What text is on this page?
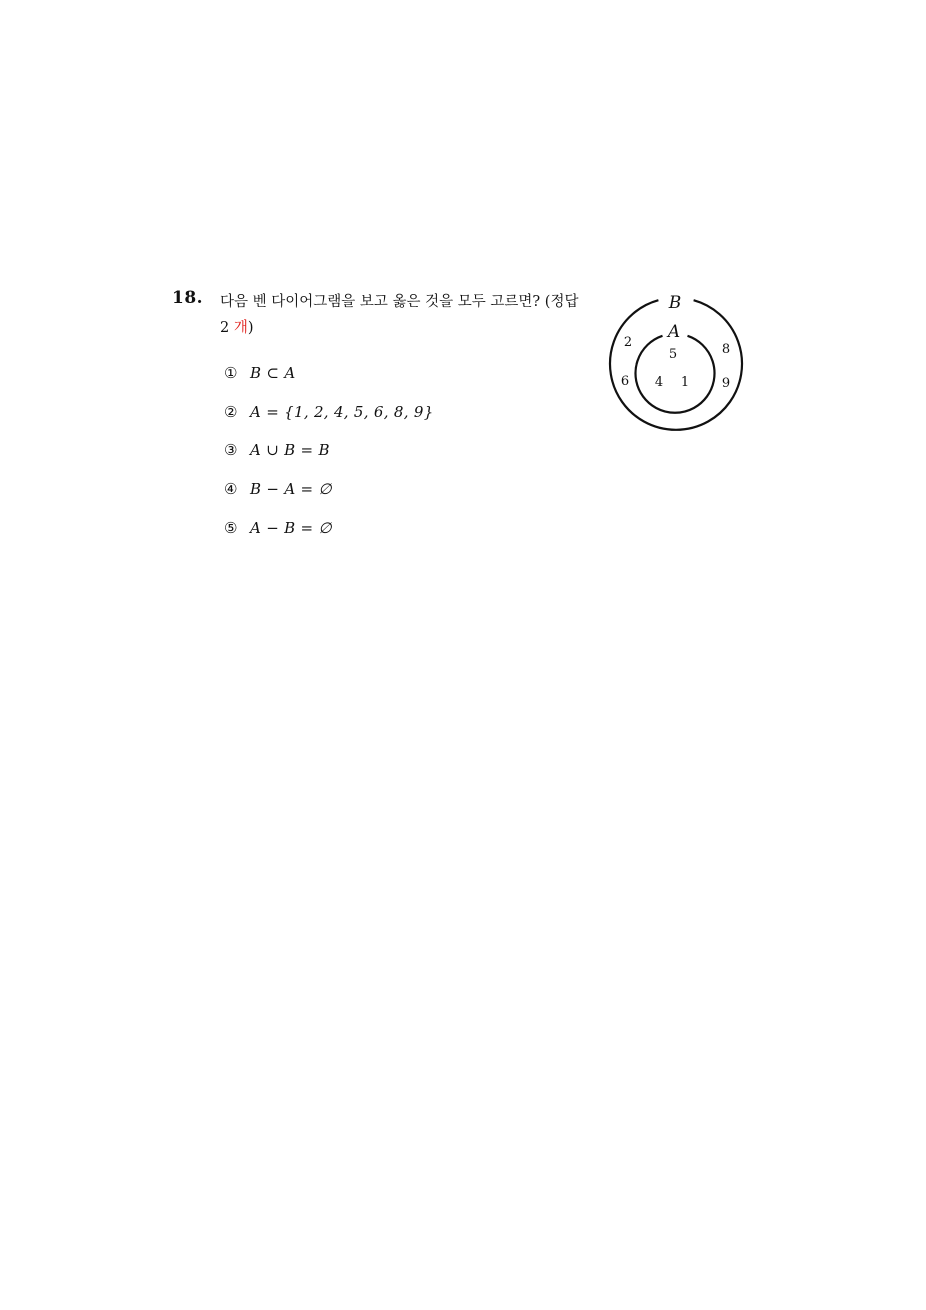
18. 다음 벤 다이어그램을 보고 옳은 것을 모두 고르면? (정답
2 개)
① B ⊂ A
② A = {1, 2, 4, 5, 6, 8, 9}
③ A ∪ B = B
④ B − A = ∅
⑤ A − B = ∅
B
A
2
6
8
9
5
4 1
